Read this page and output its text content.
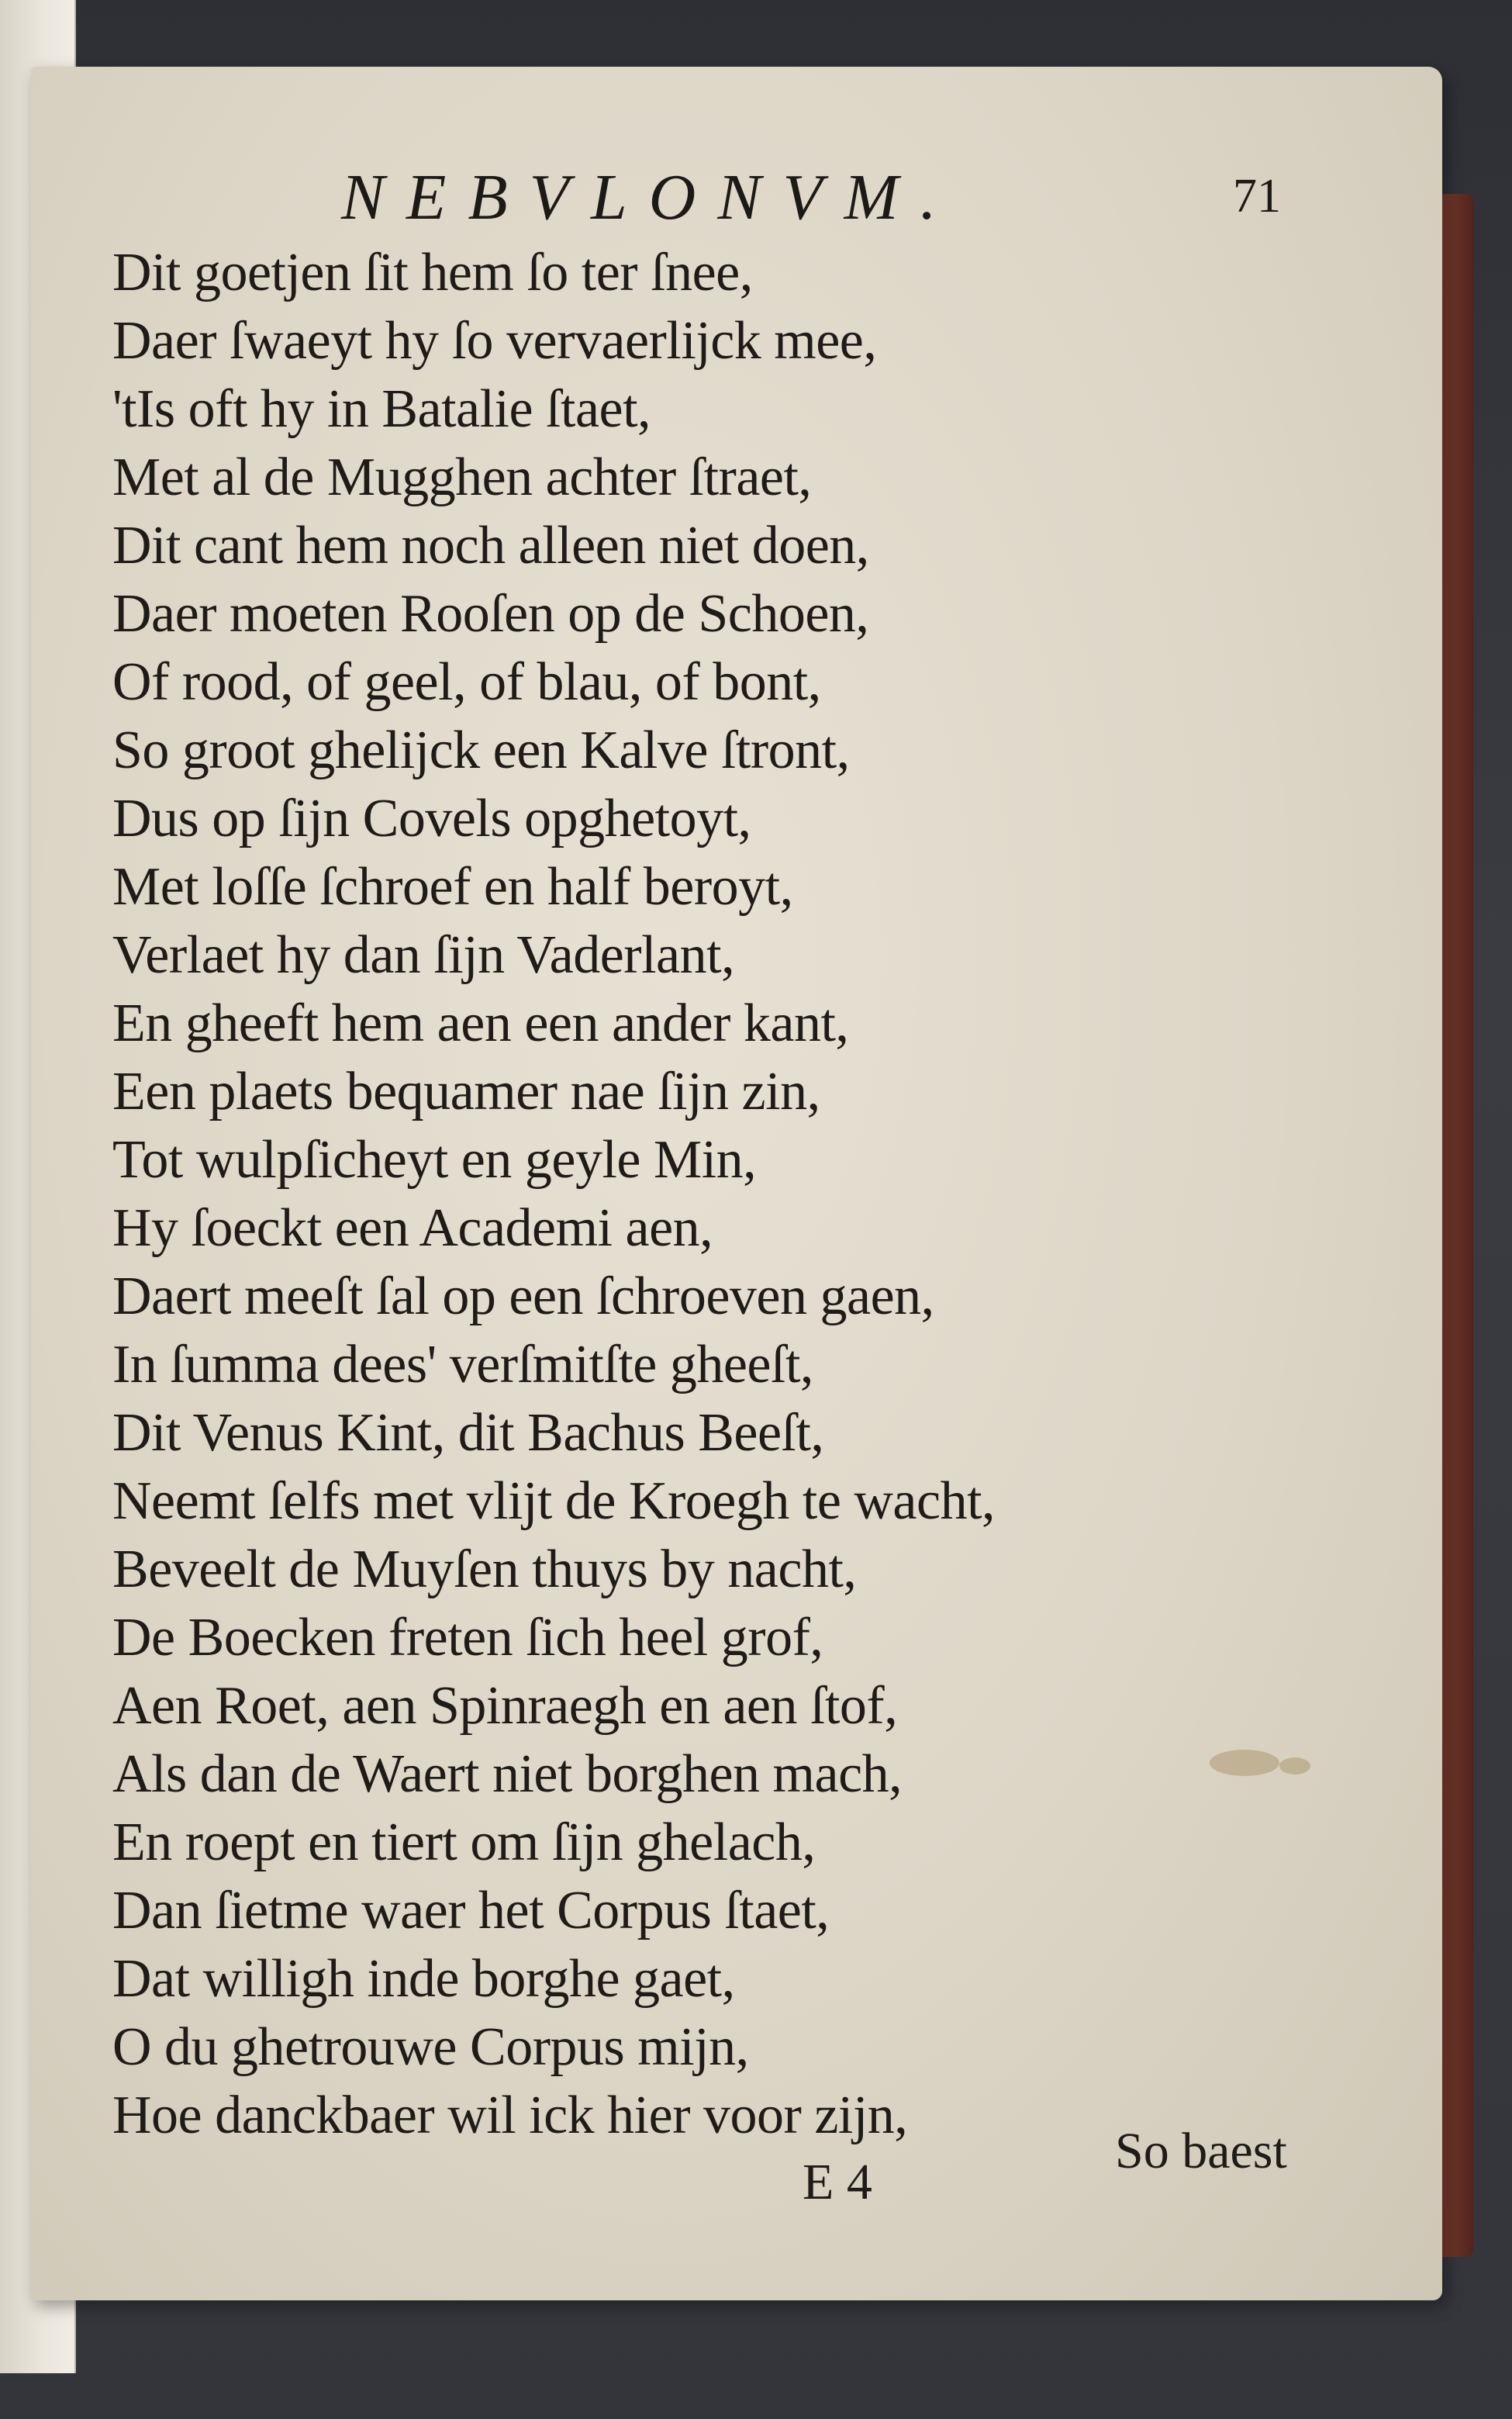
NEBVLONVM.	71
Dit goetjen ſit hem ſo ter ſnee,
Daer ſwaeyt hy ſo vervaerlijck mee,
'tIs oft hy in Batalie ſtaet,
Met al de Mugghen achter ſtraet,
Dit cant hem noch alleen niet doen,
Daer moeten Rooſen op de Schoen,
Of rood, of geel, of blau, of bont,
So groot ghelijck een Kalve ſtront,
Dus op ſijn Covels opghetoyt,
Met loſſe ſchroef en half beroyt,
Verlaet hy dan ſijn Vaderlant,
En gheeft hem aen een ander kant,
Een plaets bequamer nae ſijn zin,
Tot wulpſicheyt en geyle Min,
Hy ſoeckt een Academi aen,
Daert meeſt ſal op een ſchroeven gaen,
In ſumma dees' verſmitſte gheeſt,
Dit Venus Kint, dit Bachus Beeſt,
Neemt ſelfs met vlijt de Kroegh te wacht,
Beveelt de Muyſen thuys by nacht,
De Boecken freten ſich heel grof,
Aen Roet, aen Spinraegh en aen ſtof,
Als dan de Waert niet borghen mach,
En roept en tiert om ſijn ghelach,
Dan ſietme waer het Corpus ſtaet,
Dat willigh inde borghe gaet,
O du ghetrouwe Corpus mijn,
Hoe danckbaer wil ick hier voor zijn,
E 4
So baest
